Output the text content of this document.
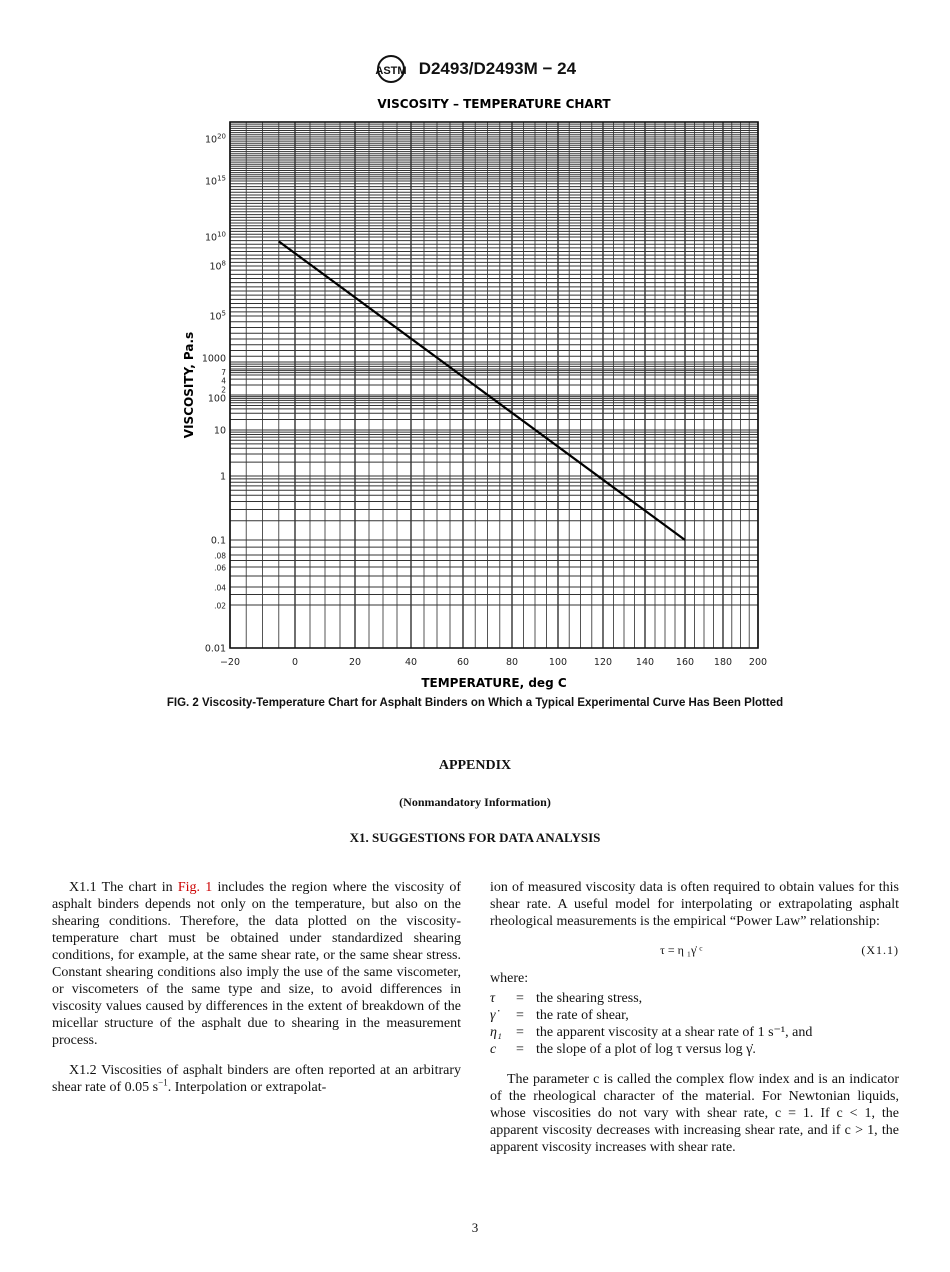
ASTM D2493/D2493M − 24
VISCOSITY – TEMPERATURE CHART
−20	0	20	40	60	80	100	120	140 160 180 200
$10^{20}$
$10^{15}$
$10^{10}$
$10^8$
$10^5$
1000
7
4
2
100
10
1
0.1
.08
.06
.04
.02
0.01
TEMPERATURE, deg C
VISCOSITY, Pa.s
FIG. 2 Viscosity-Temperature Chart for Asphalt Binders on Which a Typical Experimental Curve Has Been Plotted
APPENDIX
(Nonmandatory Information)
X1. SUGGESTIONS FOR DATA ANALYSIS

X1.1 The chart in Fig. 1 includes the region where the viscosity of asphalt binders depends not only on the temperature, but also on the shearing conditions. Therefore, the data plotted on the viscosity-temperature chart must be obtained under standardized shearing conditions, for example, at the same shear rate, or the same shear stress. Constant shearing conditions also imply the use of the same viscometer, or viscometers of the same type and size, to avoid differences in viscosity values caused by differences in the extent of breakdown of the micellar structure of the asphalt due to shearing in the measurement process.

X1.2 Viscosities of asphalt binders are often reported at an arbitrary shear rate of 0.05 $s^{-1}$. Interpolation or extrapolat-

ion of measured viscosity data is often required to obtain values for this shear rate. A useful model for interpolating or extrapolating asphalt rheological measurements is the empirical “Power Law” relationship:
τ = η ₁γ̇ ᶜ	(X1.1)
where:
τ	= the shearing stress,
γ̇	= the rate of shear,
η₁	= the apparent viscosity at a shear rate of 1 s⁻¹, and
c	= the slope of a plot of log τ versus log γ̇.

The parameter c is called the complex flow index and is an indicator of the rheological character of the material. For Newtonian liquids, whose viscosities do not vary with shear rate, c = 1. If c < 1, the apparent viscosity decreases with increasing shear rate, and if c > 1, the apparent viscosity increases with shear rate.

3
